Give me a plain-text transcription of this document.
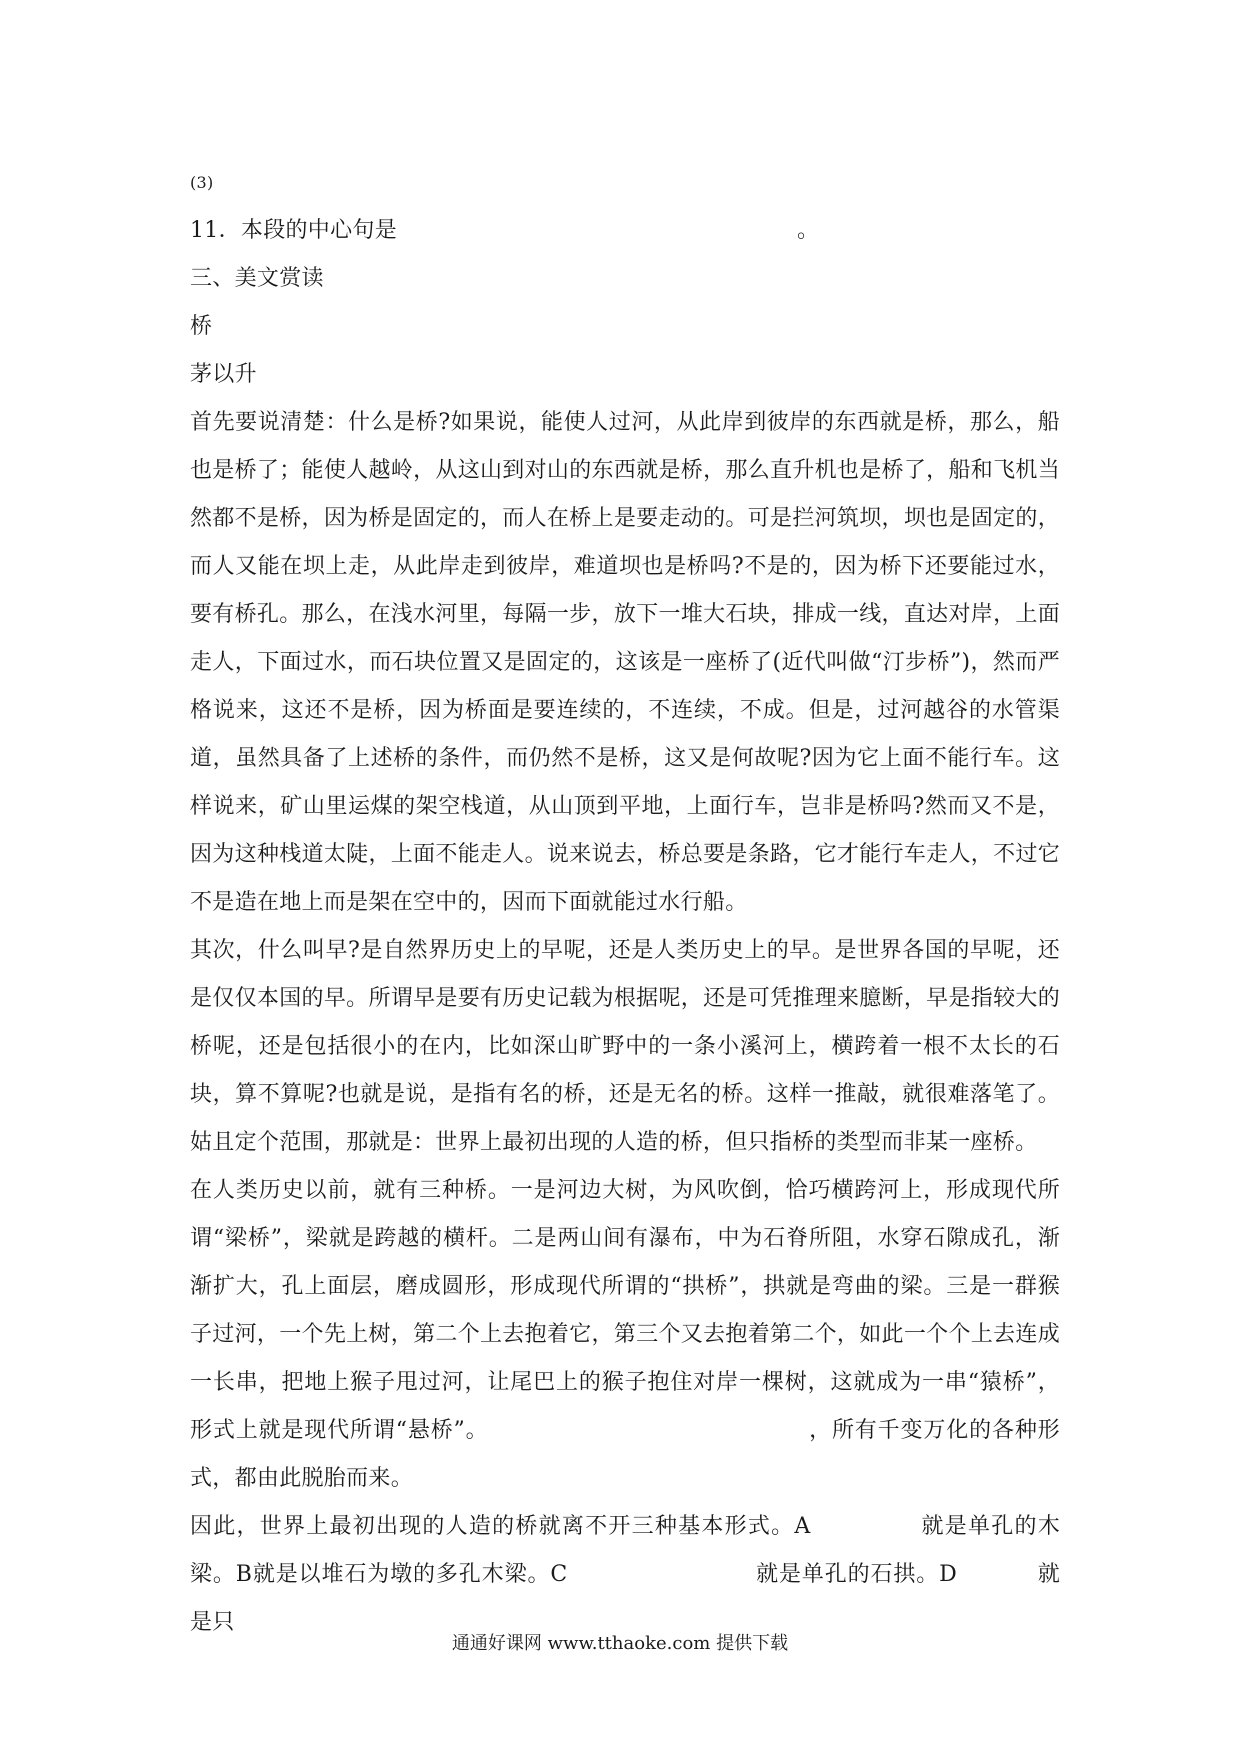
(3)
11．本段的中心句是	。
三、美文赏读
桥
茅以升
首先要说清楚：什么是桥?如果说，能使人过河，从此岸到彼岸的东西就是桥，那么，船也是桥了；能使人越岭，从这山到对山的东西就是桥，那么直升机也是桥了，船和飞机当然都不是桥，因为桥是固定的，而人在桥上是要走动的。可是拦河筑坝，坝也是固定的，而人又能在坝上走，从此岸走到彼岸，难道坝也是桥吗?不是的，因为桥下还要能过水，要有桥孔。那么，在浅水河里，每隔一步，放下一堆大石块，排成一线，直达对岸，上面走人，下面过水，而石块位置又是固定的，这该是一座桥了(近代叫做“汀步桥”)，然而严格说来，这还不是桥，因为桥面是要连续的，不连续，不成。但是，过河越谷的水管渠道，虽然具备了上述桥的条件，而仍然不是桥，这又是何故呢?因为它上面不能行车。这样说来，矿山里运煤的架空栈道，从山顶到平地，上面行车，岂非是桥吗?然而又不是，因为这种栈道太陡，上面不能走人。说来说去，桥总要是条路，它才能行车走人，不过它不是造在地上而是架在空中的，因而下面就能过水行船。
其次，什么叫早?是自然界历史上的早呢，还是人类历史上的早。是世界各国的早呢，还是仅仅本国的早。所谓早是要有历史记载为根据呢，还是可凭推理来臆断，早是指较大的桥呢，还是包括很小的在内，比如深山旷野中的一条小溪河上，横跨着一根不太长的石块，算不算呢?也就是说，是指有名的桥，还是无名的桥。这样一推敲，就很难落笔了。姑且定个范围，那就是：世界上最初出现的人造的桥，但只指桥的类型而非某一座桥。
在人类历史以前，就有三种桥。一是河边大树，为风吹倒，恰巧横跨河上，形成现代所谓“梁桥”，梁就是跨越的横杆。二是两山间有瀑布，中为石脊所阻，水穿石隙成孔，渐渐扩大，孔上面层，磨成圆形，形成现代所谓的“拱桥”，拱就是弯曲的梁。三是一群猴子过河，一个先上树，第二个上去抱着它，第三个又去抱着第二个，如此一个个上去连成一长串，把地上猴子甩过河，让尾巴上的猴子抱住对岸一棵树，这就成为一串“猿桥”，形式上就是现代所谓“悬桥”。	，所有千变万化的各种形式，都由此脱胎而来。
因此，世界上最初出现的人造的桥就离不开三种基本形式。A	就是单孔的木梁。B就是以堆石为墩的多孔木梁。C	就是单孔的石拱。D	就是只
通通好课网 www.tthaoke.com 提供下载
